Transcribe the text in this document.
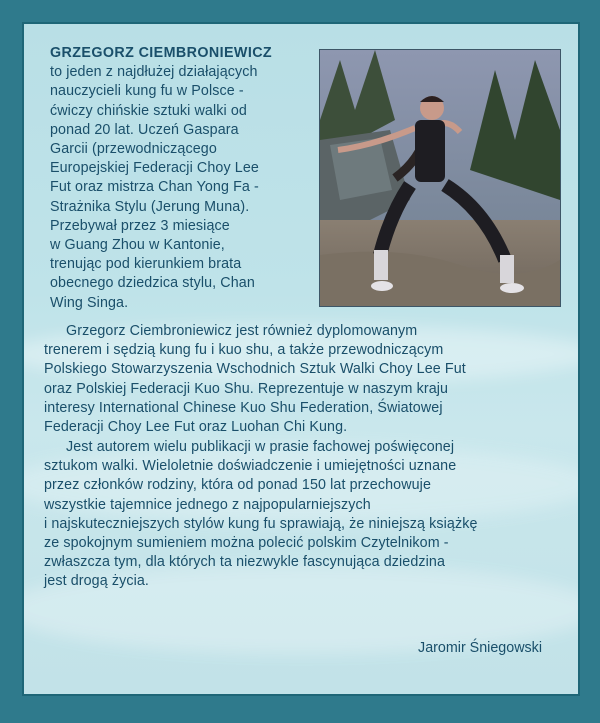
GRZEGORZ CIEMBRONIEWICZ
to jeden z najdłużej działających
nauczycieli kung fu w Polsce -
ćwiczy chińskie sztuki walki od
ponad 20 lat. Uczeń Gaspara
Garcii (przewodniczącego
Europejskiej Federacji Choy Lee
Fut oraz mistrza Chan Yong Fa -
Strażnika Stylu (Jerung Muna).
Przebywał przez 3 miesiące
w Guang Zhou w Kantonie,
trenując pod kierunkiem brata
obecnego dziedzica stylu, Chan
Wing Singa.
Grzegorz Ciembroniewicz jest również dyplomowanym
trenerem i sędzią kung fu i kuo shu, a także przewodniczącym
Polskiego Stowarzyszenia Wschodnich Sztuk Walki Choy Lee Fut
oraz Polskiej Federacji Kuo Shu. Reprezentuje w naszym kraju
interesy International Chinese Kuo Shu Federation, Światowej
Federacji Choy Lee Fut oraz Luohan Chi Kung.
Jest autorem wielu publikacji w prasie fachowej poświęconej
sztukom walki. Wieloletnie doświadczenie i umiejętności uznane
przez członków rodziny, która od ponad 150 lat przechowuje
wszystkie tajemnice jednego z najpopularniejszych
i najskuteczniejszych stylów kung fu sprawiają, że niniejszą książkę
ze spokojnym sumieniem można polecić polskim Czytelnikom -
zwłaszcza tym, dla których ta niezwykle fascynująca dziedzina
jest drogą życia.
Jaromir Śniegowski
